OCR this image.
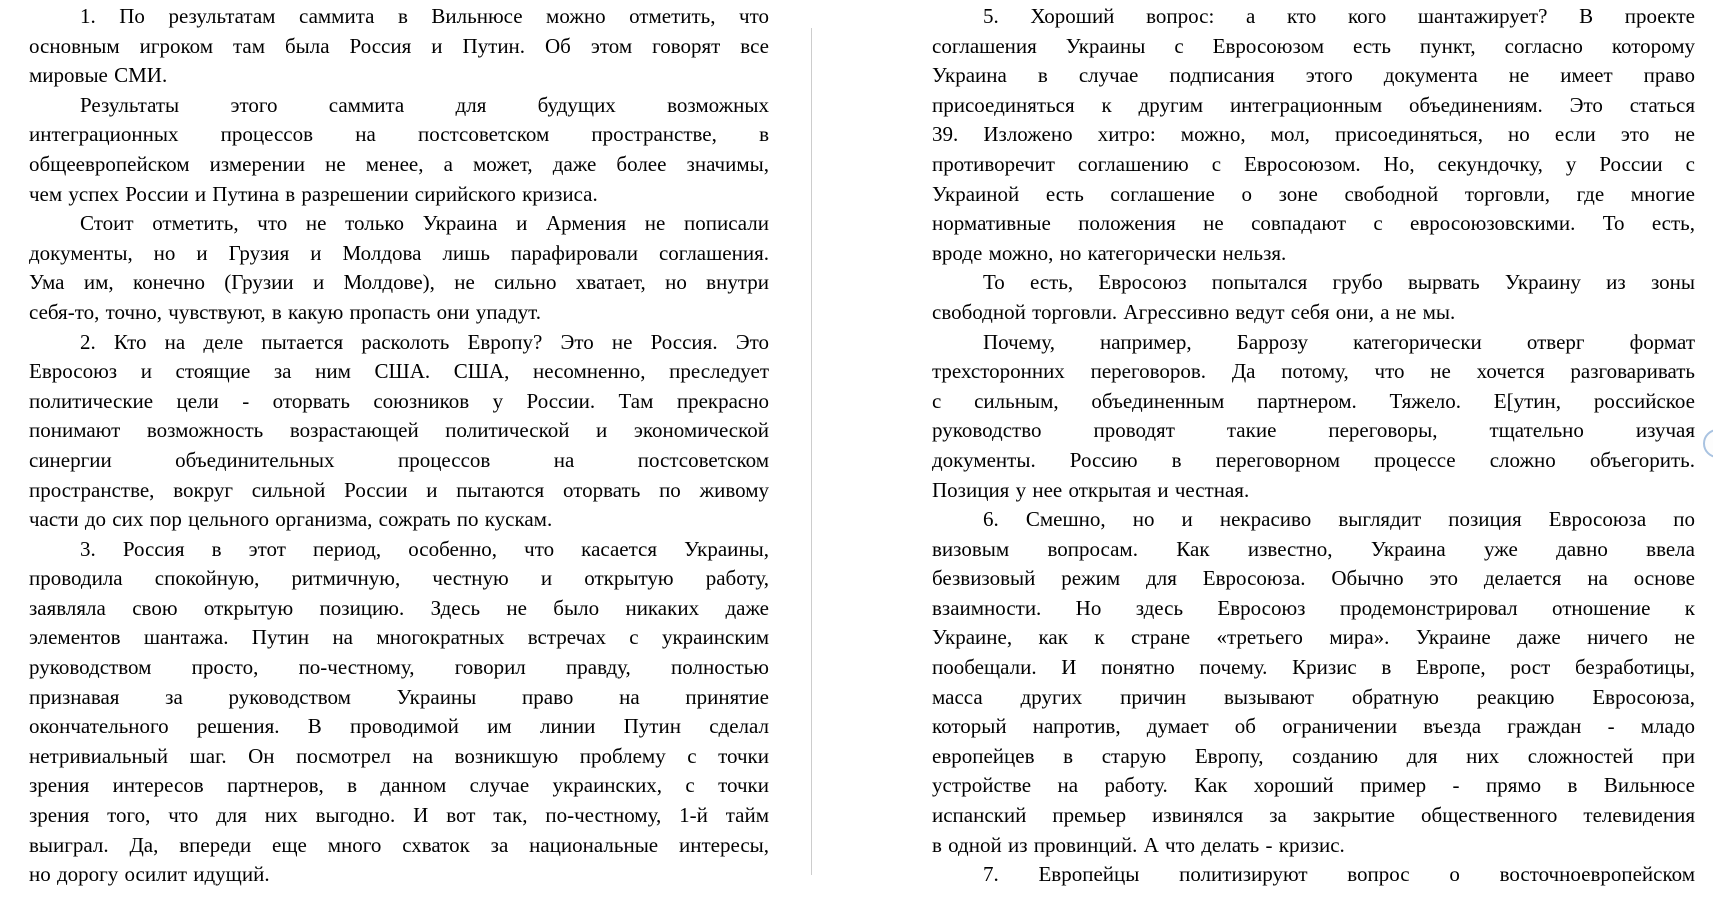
1. По результатам саммита в Вильнюсе можно отметить, что
основным игроком там была Россия и Путин. Об этом говорят все
мировые СМИ.
Результаты этого саммита для будущих возможных
интеграционных процессов на постсоветском пространстве, в
общеевропейском измерении не менее, а может, даже более значимы,
чем успех России и Путина в разрешении сирийского кризиса.
Стоит отметить, что не только Украина и Армения не пописали
документы, но и Грузия и Молдова лишь парафировали соглашения.
Ума им, конечно (Грузии и Молдове), не сильно хватает, но внутри
себя-то, точно, чувствуют, в какую пропасть они упадут.
2. Кто на деле пытается расколоть Европу? Это не Россия. Это
Евросоюз и стоящие за ним США. США, несомненно, преследует
политические цели - оторвать союзников у России. Там прекрасно
понимают возможность возрастающей политической и экономической
синергии объединительных процессов на постсоветском
пространстве, вокруг сильной России и пытаются оторвать по живому
части до сих пор цельного организма, сожрать по кускам.
3. Россия в этот период, особенно, что касается Украины,
проводила спокойную, ритмичную, честную и открытую работу,
заявляла свою открытую позицию. Здесь не было никаких даже
элементов шантажа. Путин на многократных встречах с украинским
руководством просто, по-честному, говорил правду, полностью
признавая за руководством Украины право на принятие
окончательного решения. В проводимой им линии Путин сделал
нетривиальный шаг. Он посмотрел на возникшую проблему с точки
зрения интересов партнеров, в данном случае украинских, с точки
зрения того, что для них выгодно. И вот так, по-честному, 1-й тайм
выиграл. Да, впереди еще много схваток за национальные интересы,
но дорогу осилит идущий.
5. Хороший вопрос: а кто кого шантажирует? В проекте
соглашения Украины с Евросоюзом есть пункт, согласно которому
Украина в случае подписания этого документа не имеет право
присоединяться к другим интеграционным объединениям. Это статься
39. Изложено хитро: можно, мол, присоединяться, но если это не
противоречит соглашению с Евросоюзом. Но, секундочку, у России с
Украиной есть соглашение о зоне свободной торговли, где многие
нормативные положения не совпадают с евросоюзовскими. То есть,
вроде можно, но категорически нельзя.
То есть, Евросоюз попытался грубо вырвать Украину из зоны
свободной торговли. Агрессивно ведут себя они, а не мы.
Почему, например, Баррозу категорически отверг формат
трехсторонних переговоров. Да потому, что не хочется разговаривать
с сильным, объединенным партнером. Тяжело. Е[утин, российское
руководство проводят такие переговоры, тщательно изучая
документы. Россию в переговорном процессе сложно объегорить.
Позиция у нее открытая и честная.
6. Смешно, но и некрасиво выглядит позиция Евросоюза по
визовым вопросам. Как известно, Украина уже давно ввела
безвизовый режим для Евросоюза. Обычно это делается на основе
взаимности. Но здесь Евросоюз продемонстрировал отношение к
Украине, как к стране «третьего мира». Украине даже ничего не
пообещали. И понятно почему. Кризис в Европе, рост безработицы,
масса других причин вызывают обратную реакцию Евросоюза,
который напротив, думает об ограничении въезда граждан - младо
европейцев в старую Европу, созданию для них сложностей при
устройстве на работу. Как хороший пример - прямо в Вильнюсе
испанский премьер извинялся за закрытие общественного телевидения
в одной из провинций. А что делать - кризис.
7. Европейцы политизируют вопрос о восточноевропейском
